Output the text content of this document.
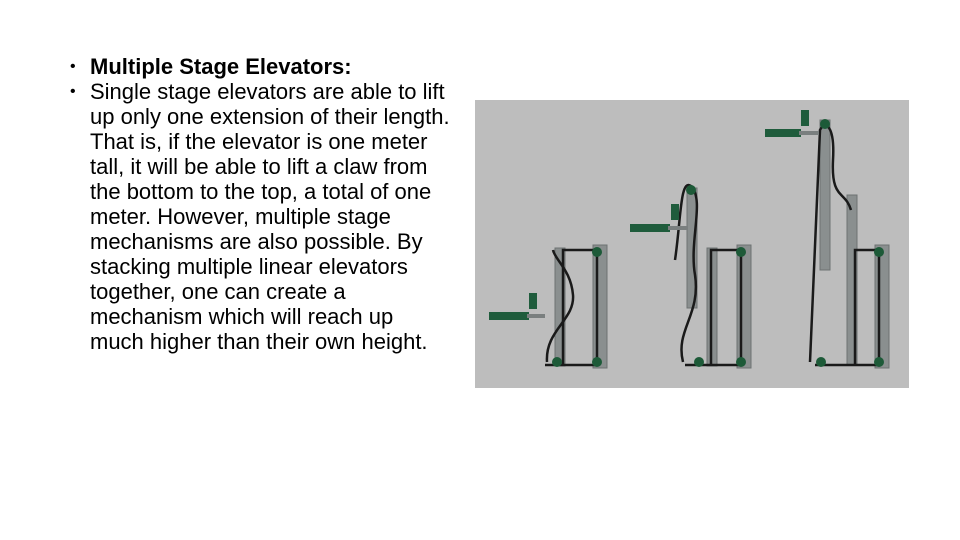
• Multiple Stage Elevators:
• Single stage elevators are able to lift up only one extension of their length. That is, if the elevator is one meter tall, it will be able to lift a claw from the bottom to the top, a total of one meter. However, multiple stage mechanisms are also possible. By stacking multiple linear elevators together, one can create a mechanism which will reach up much higher than their own height.
